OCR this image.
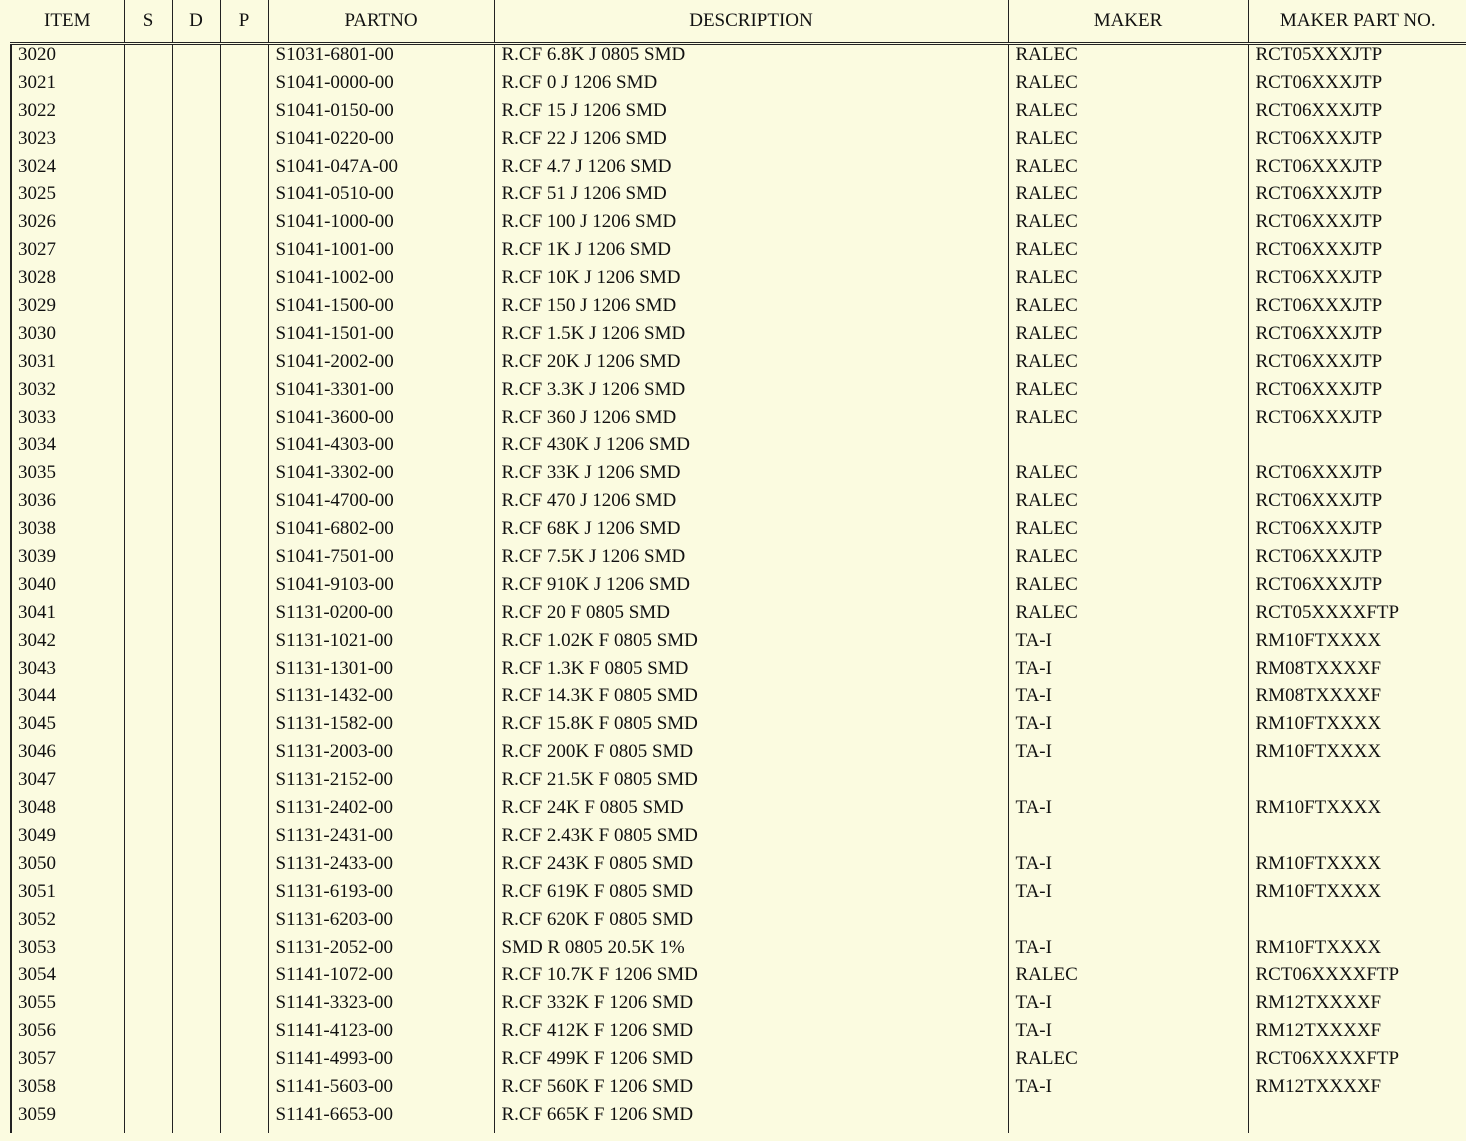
ITEM	S	D	P	PARTNO	DESCRIPTION	MAKER	MAKER PART NO.
3020				S1031-6801-00	R.CF 6.8K J 0805 SMD	RALEC	RCT05XXXJTP
3021				S1041-0000-00	R.CF 0 J 1206 SMD	RALEC	RCT06XXXJTP
3022				S1041-0150-00	R.CF 15 J 1206 SMD	RALEC	RCT06XXXJTP
3023				S1041-0220-00	R.CF 22 J 1206 SMD	RALEC	RCT06XXXJTP
3024				S1041-047A-00	R.CF 4.7 J 1206 SMD	RALEC	RCT06XXXJTP
3025				S1041-0510-00	R.CF 51 J 1206 SMD	RALEC	RCT06XXXJTP
3026				S1041-1000-00	R.CF 100 J 1206 SMD	RALEC	RCT06XXXJTP
3027				S1041-1001-00	R.CF 1K J 1206 SMD	RALEC	RCT06XXXJTP
3028				S1041-1002-00	R.CF 10K J 1206 SMD	RALEC	RCT06XXXJTP
3029				S1041-1500-00	R.CF 150 J 1206 SMD	RALEC	RCT06XXXJTP
3030				S1041-1501-00	R.CF 1.5K J 1206 SMD	RALEC	RCT06XXXJTP
3031				S1041-2002-00	R.CF 20K J 1206 SMD	RALEC	RCT06XXXJTP
3032				S1041-3301-00	R.CF 3.3K J 1206 SMD	RALEC	RCT06XXXJTP
3033				S1041-3600-00	R.CF 360 J 1206 SMD	RALEC	RCT06XXXJTP
3034				S1041-4303-00	R.CF 430K J 1206 SMD		
3035				S1041-3302-00	R.CF 33K J 1206 SMD	RALEC	RCT06XXXJTP
3036				S1041-4700-00	R.CF 470 J 1206 SMD	RALEC	RCT06XXXJTP
3038				S1041-6802-00	R.CF 68K J 1206 SMD	RALEC	RCT06XXXJTP
3039				S1041-7501-00	R.CF 7.5K J 1206 SMD	RALEC	RCT06XXXJTP
3040				S1041-9103-00	R.CF 910K J 1206 SMD	RALEC	RCT06XXXJTP
3041				S1131-0200-00	R.CF 20 F 0805 SMD	RALEC	RCT05XXXXFTP
3042				S1131-1021-00	R.CF 1.02K F 0805 SMD	TA-I	RM10FTXXXX
3043				S1131-1301-00	R.CF 1.3K F 0805 SMD	TA-I	RM08TXXXXF
3044				S1131-1432-00	R.CF 14.3K F 0805 SMD	TA-I	RM08TXXXXF
3045				S1131-1582-00	R.CF 15.8K F 0805 SMD	TA-I	RM10FTXXXX
3046				S1131-2003-00	R.CF 200K F 0805 SMD	TA-I	RM10FTXXXX
3047				S1131-2152-00	R.CF 21.5K F 0805 SMD		
3048				S1131-2402-00	R.CF 24K F 0805 SMD	TA-I	RM10FTXXXX
3049				S1131-2431-00	R.CF 2.43K F 0805 SMD		
3050				S1131-2433-00	R.CF 243K F 0805 SMD	TA-I	RM10FTXXXX
3051				S1131-6193-00	R.CF 619K F 0805 SMD	TA-I	RM10FTXXXX
3052				S1131-6203-00	R.CF 620K F 0805 SMD		
3053				S1131-2052-00	SMD R 0805 20.5K 1%	TA-I	RM10FTXXXX
3054				S1141-1072-00	R.CF 10.7K F 1206 SMD	RALEC	RCT06XXXXFTP
3055				S1141-3323-00	R.CF 332K F 1206 SMD	TA-I	RM12TXXXXF
3056				S1141-4123-00	R.CF 412K F 1206 SMD	TA-I	RM12TXXXXF
3057				S1141-4993-00	R.CF 499K F 1206 SMD	RALEC	RCT06XXXXFTP
3058				S1141-5603-00	R.CF 560K F 1206 SMD	TA-I	RM12TXXXXF
3059				S1141-6653-00	R.CF 665K F 1206 SMD		
